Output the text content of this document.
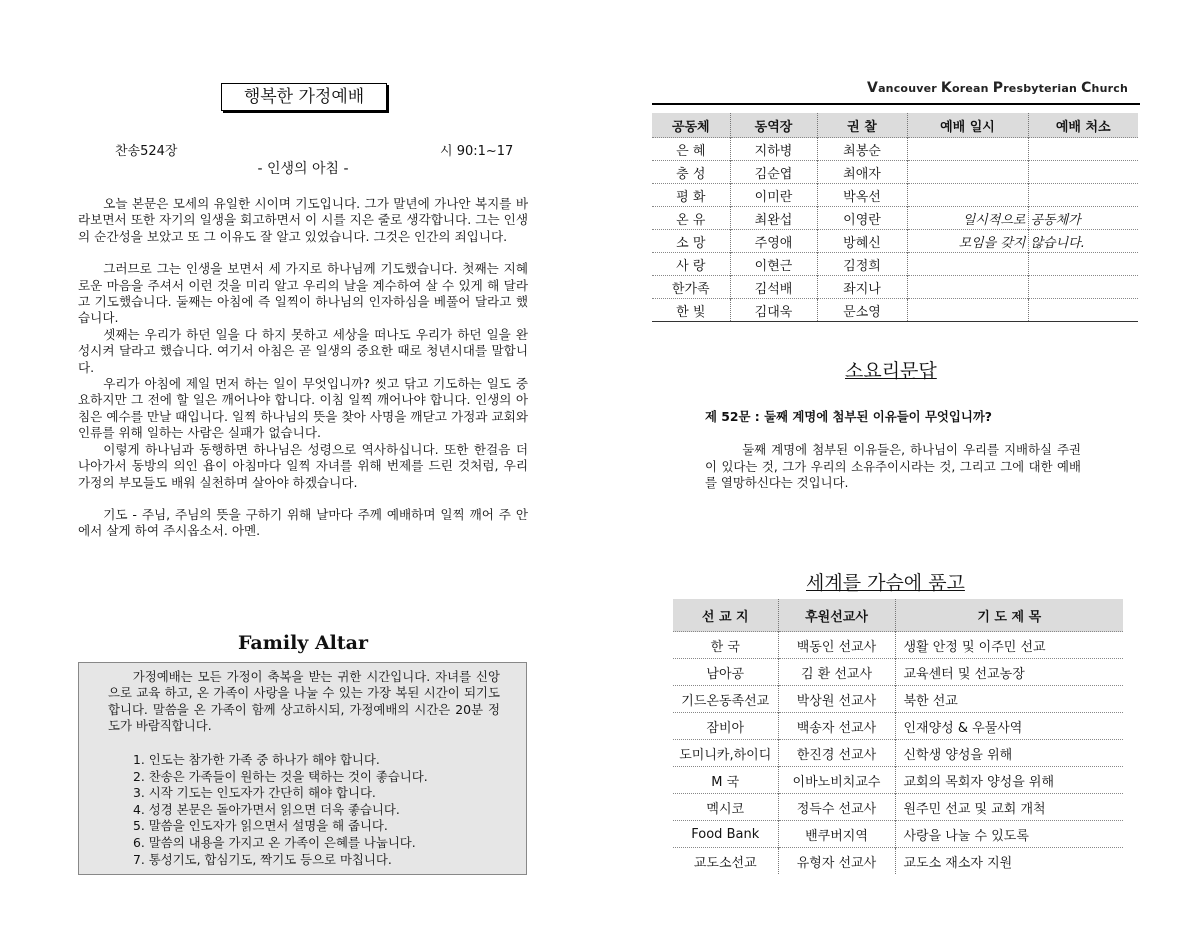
행복한 가정예배
찬송524장	시 90:1~17
- 인생의 아침 -

오늘 본문은 모세의 유일한 시이며 기도입니다. 그가 말년에 가나안 복지를 바라보면서 또한 자기의 일생을 회고하면서 이 시를 지은 줄로 생각합니다. 그는 인생의 순간성을 보았고 또 그 이유도 잘 알고 있었습니다. 그것은 인간의 죄입니다.

그러므로 그는 인생을 보면서 세 가지로 하나님께 기도했습니다. 첫째는 지혜로운 마음을 주셔서 이런 것을 미리 알고 우리의 날을 계수하여 살 수 있게 해 달라고 기도했습니다. 둘째는 아침에 즉 일찍이 하나님의 인자하심을 베풀어 달라고 했습니다.

셋째는 우리가 하던 일을 다 하지 못하고 세상을 떠나도 우리가 하던 일을 완성시켜 달라고 했습니다. 여기서 아침은 곧 일생의 중요한 때로 청년시대를 말합니다.

우리가 아침에 제일 먼저 하는 일이 무엇입니까? 씻고 닦고 기도하는 일도 중요하지만 그 전에 할 일은 깨어나야 합니다. 이침 일찍 깨어나야 합니다. 인생의 아침은 예수를 만날 때입니다. 일찍 하나님의 뜻을 찾아 사명을 깨닫고 가정과 교회와 인류를 위해 일하는 사람은 실패가 없습니다.

이렇게 하나님과 동행하면 하나님은 성령으로 역사하십니다. 또한 한걸음 더 나아가서 동방의 의인 욥이 아침마다 일찍 자녀를 위해 번제를 드린 것처럼, 우리 가정의 부모들도 배워 실천하며 살아야 하겠습니다.

기도 - 주님, 주님의 뜻을 구하기 위해 날마다 주께 예배하며 일찍 깨어 주 안에서 살게 하여 주시옵소서. 아멘.

Family Altar

가정예배는 모든 가정이 축복을 받는 귀한 시간입니다. 자녀를 신앙으로 교육 하고, 온 가족이 사랑을 나눌 수 있는 가장 복된 시간이 되기도 합니다. 말씀을 온 가족이 함께 상고하시되, 가정예배의 시간은 20분 정도가 바람직합니다.

1. 인도는 참가한 가족 중 하나가 해야 합니다.
2. 찬송은 가족들이 원하는 것을 택하는 것이 좋습니다.
3. 시작 기도는 인도자가 간단히 해야 합니다.
4. 성경 본문은 돌아가면서 읽으면 더욱 좋습니다.
5. 말씀을 인도자가 읽으면서 설명을 해 줍니다.
6. 말씀의 내용을 가지고 온 가족이 은혜를 나눕니다.
7. 통성기도, 합심기도, 짝기도 등으로 마칩니다.
Vancouver Korean Presbyterian Church
공동체	동역장	권 찰	예배 일시	예배 처소
은 혜	지하병	최봉순		
충 성	김순엽	최애자		
평 화	이미란	박옥선		
온 유	최완섭	이영란	일시적으로	공동체가
소 망	주영애	방혜신	모임을 갖지	않습니다.
사 랑	이현근	김정희		
한가족	김석배	좌지나		
한 빛	김대욱	문소영		
소요리문답
제 52문 : 둘째 계명에 첨부된 이유들이 무엇입니까?

둘째 계명에 첨부된 이유들은, 하나님이 우리를 지배하실 주권이 있다는 것, 그가 우리의 소유주이시라는 것, 그리고 그에 대한 예배를 열망하신다는 것입니다.

세계를 가슴에 품고
선 교 지	후원선교사	기 도 제 목
한 국	백동인 선교사	생활 안정 및 이주민 선교
남아공	김 환 선교사	교육센터 및 선교농장
기드온동족선교	박상원 선교사	북한 선교
잠비아	백송자 선교사	인재양성 & 우물사역
도미니카,하이디	한진경 선교사	신학생 양성을 위해
M 국	이바노비치교수	교회의 목회자 양성을 위해
멕시코	정득수 선교사	원주민 선교 및 교회 개척
Food Bank	밴쿠버지역	사랑을 나눌 수 있도록
교도소선교	유형자 선교사	교도소 재소자 지원
